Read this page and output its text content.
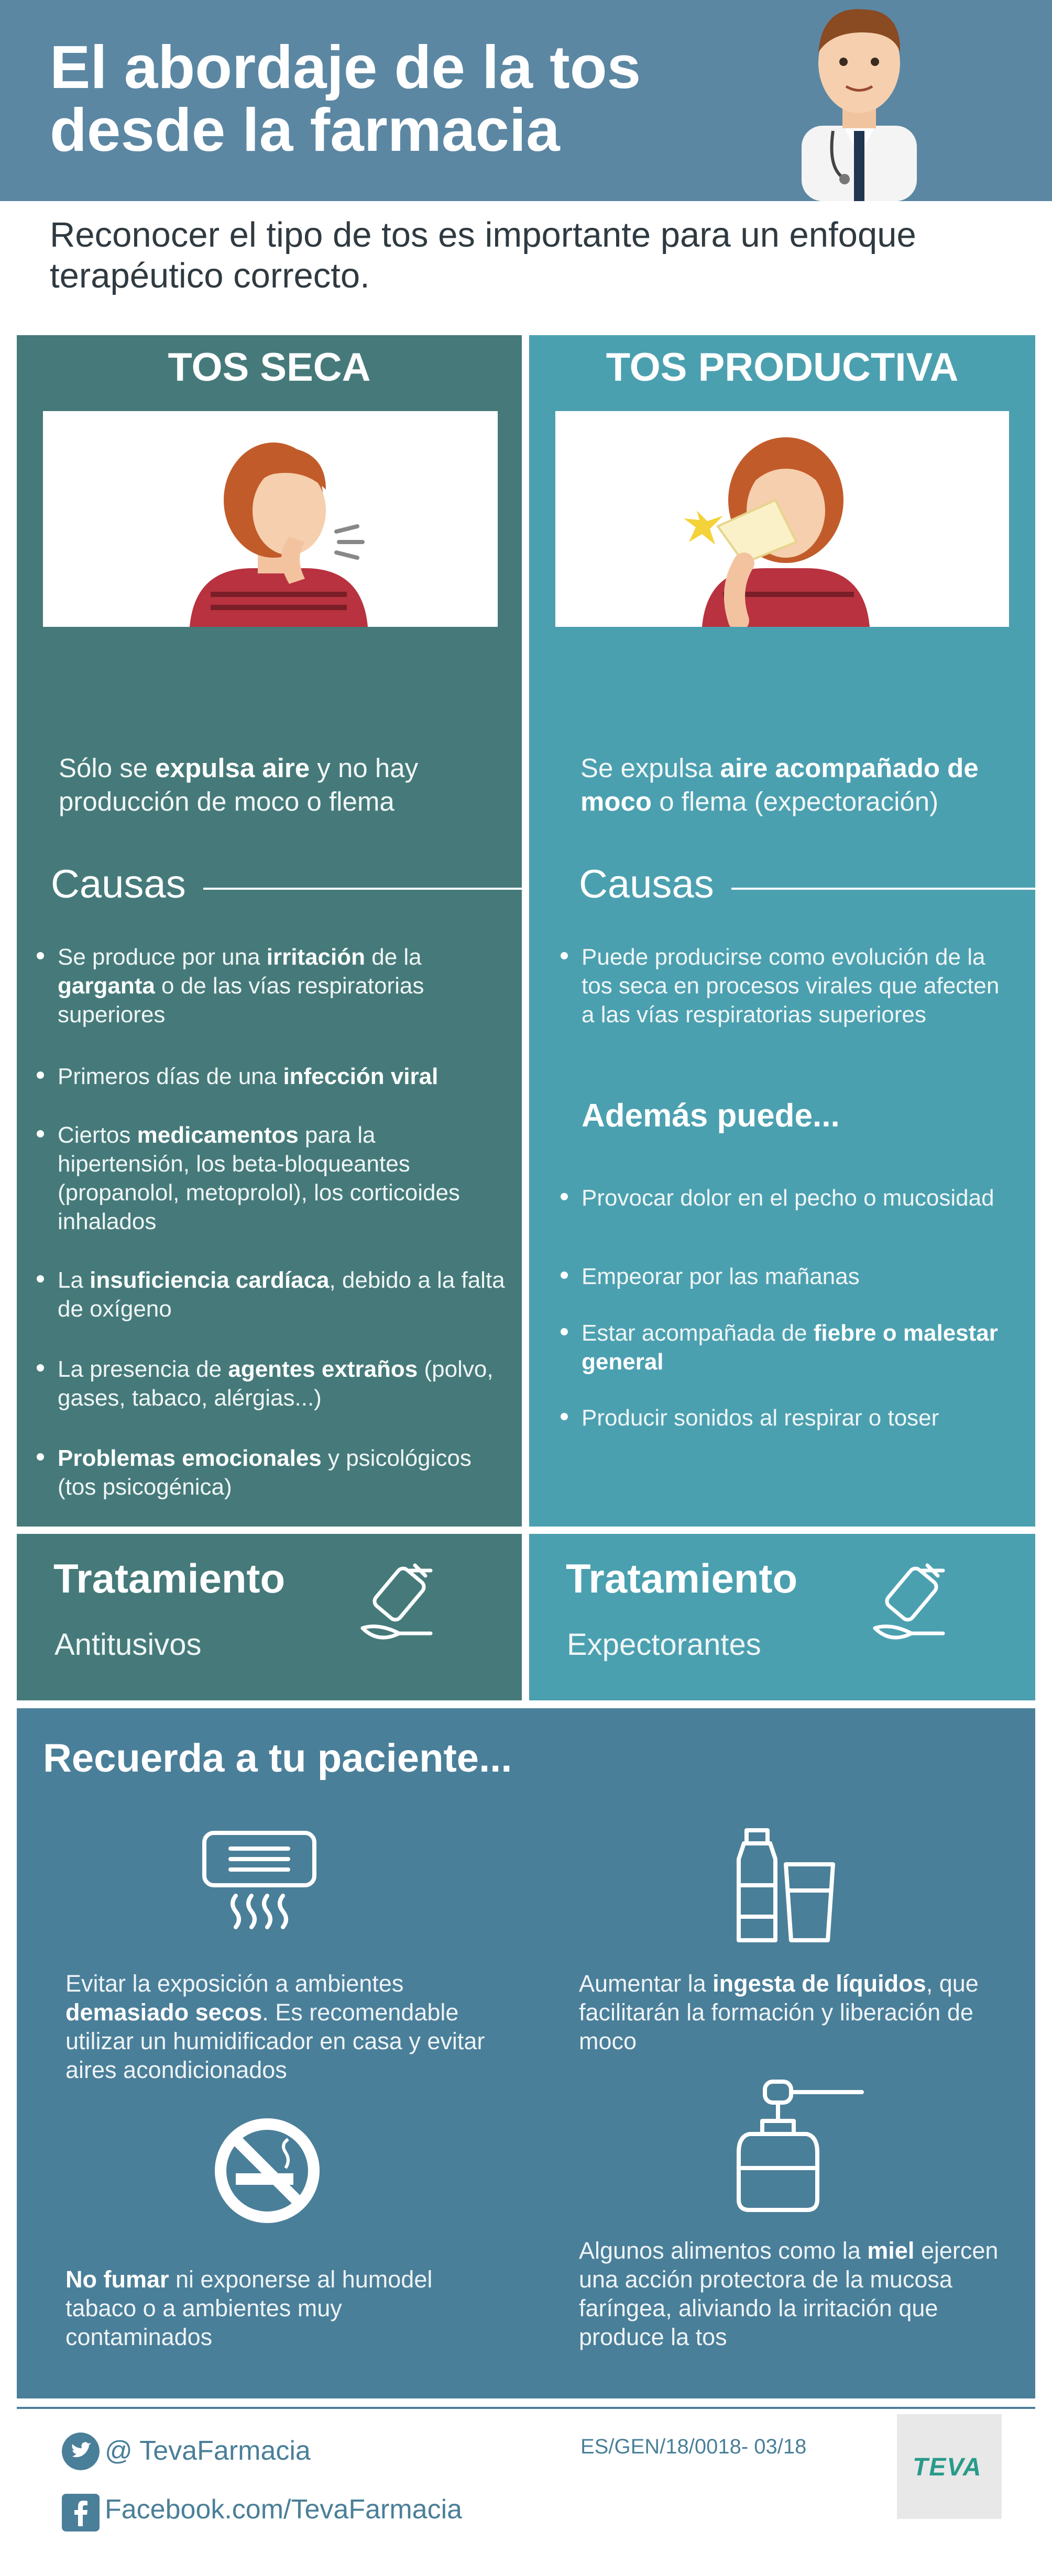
El abordaje de la tos
desde la farmacia
Reconocer el tipo de tos es importante para un enfoque terapéutico correcto.
TOS SECA
Sólo se expulsa aire y no hay producción de moco o flema
Causas
Se produce por una irritación de la garganta o de las vías respiratorias superiores
Primeros días de una infección viral
Ciertos medicamentos para la hipertensión, los beta-bloqueantes (propanolol, metoprolol), los corticoides inhalados
La insuficiencia cardíaca, debido a la falta de oxígeno
La presencia de agentes extraños (polvo, gases, tabaco, alérgias...)
Problemas emocionales y psicológicos (tos psicogénica)
TOS PRODUCTIVA
Se expulsa aire acompañado de moco o flema (expectoración)
Causas
Puede producirse como evolución de la tos seca en procesos virales que afecten a las vías respiratorias superiores
Además puede...
Provocar dolor en el pecho o mucosidad
Empeorar por las mañanas
Estar acompañada de fiebre o malestar general
Producir sonidos al respirar o toser
Tratamiento
Antitusivos
Tratamiento
Expectorantes
Recuerda a tu paciente...
Evitar la exposición a ambientes demasiado secos. Es recomendable utilizar un humidificador en casa y evitar aires acondicionados
Aumentar la ingesta de líquidos, que facilitarán la formación y liberación de moco
No fumar ni exponerse al humodel tabaco o a ambientes muy contaminados
Algunos alimentos como la miel ejercen una acción protectora de la mucosa faríngea, aliviando la irritación que produce la tos
@ TevaFarmacia
Facebook.com/TevaFarmacia
ES/GEN/18/0018- 03/18
TEVA
